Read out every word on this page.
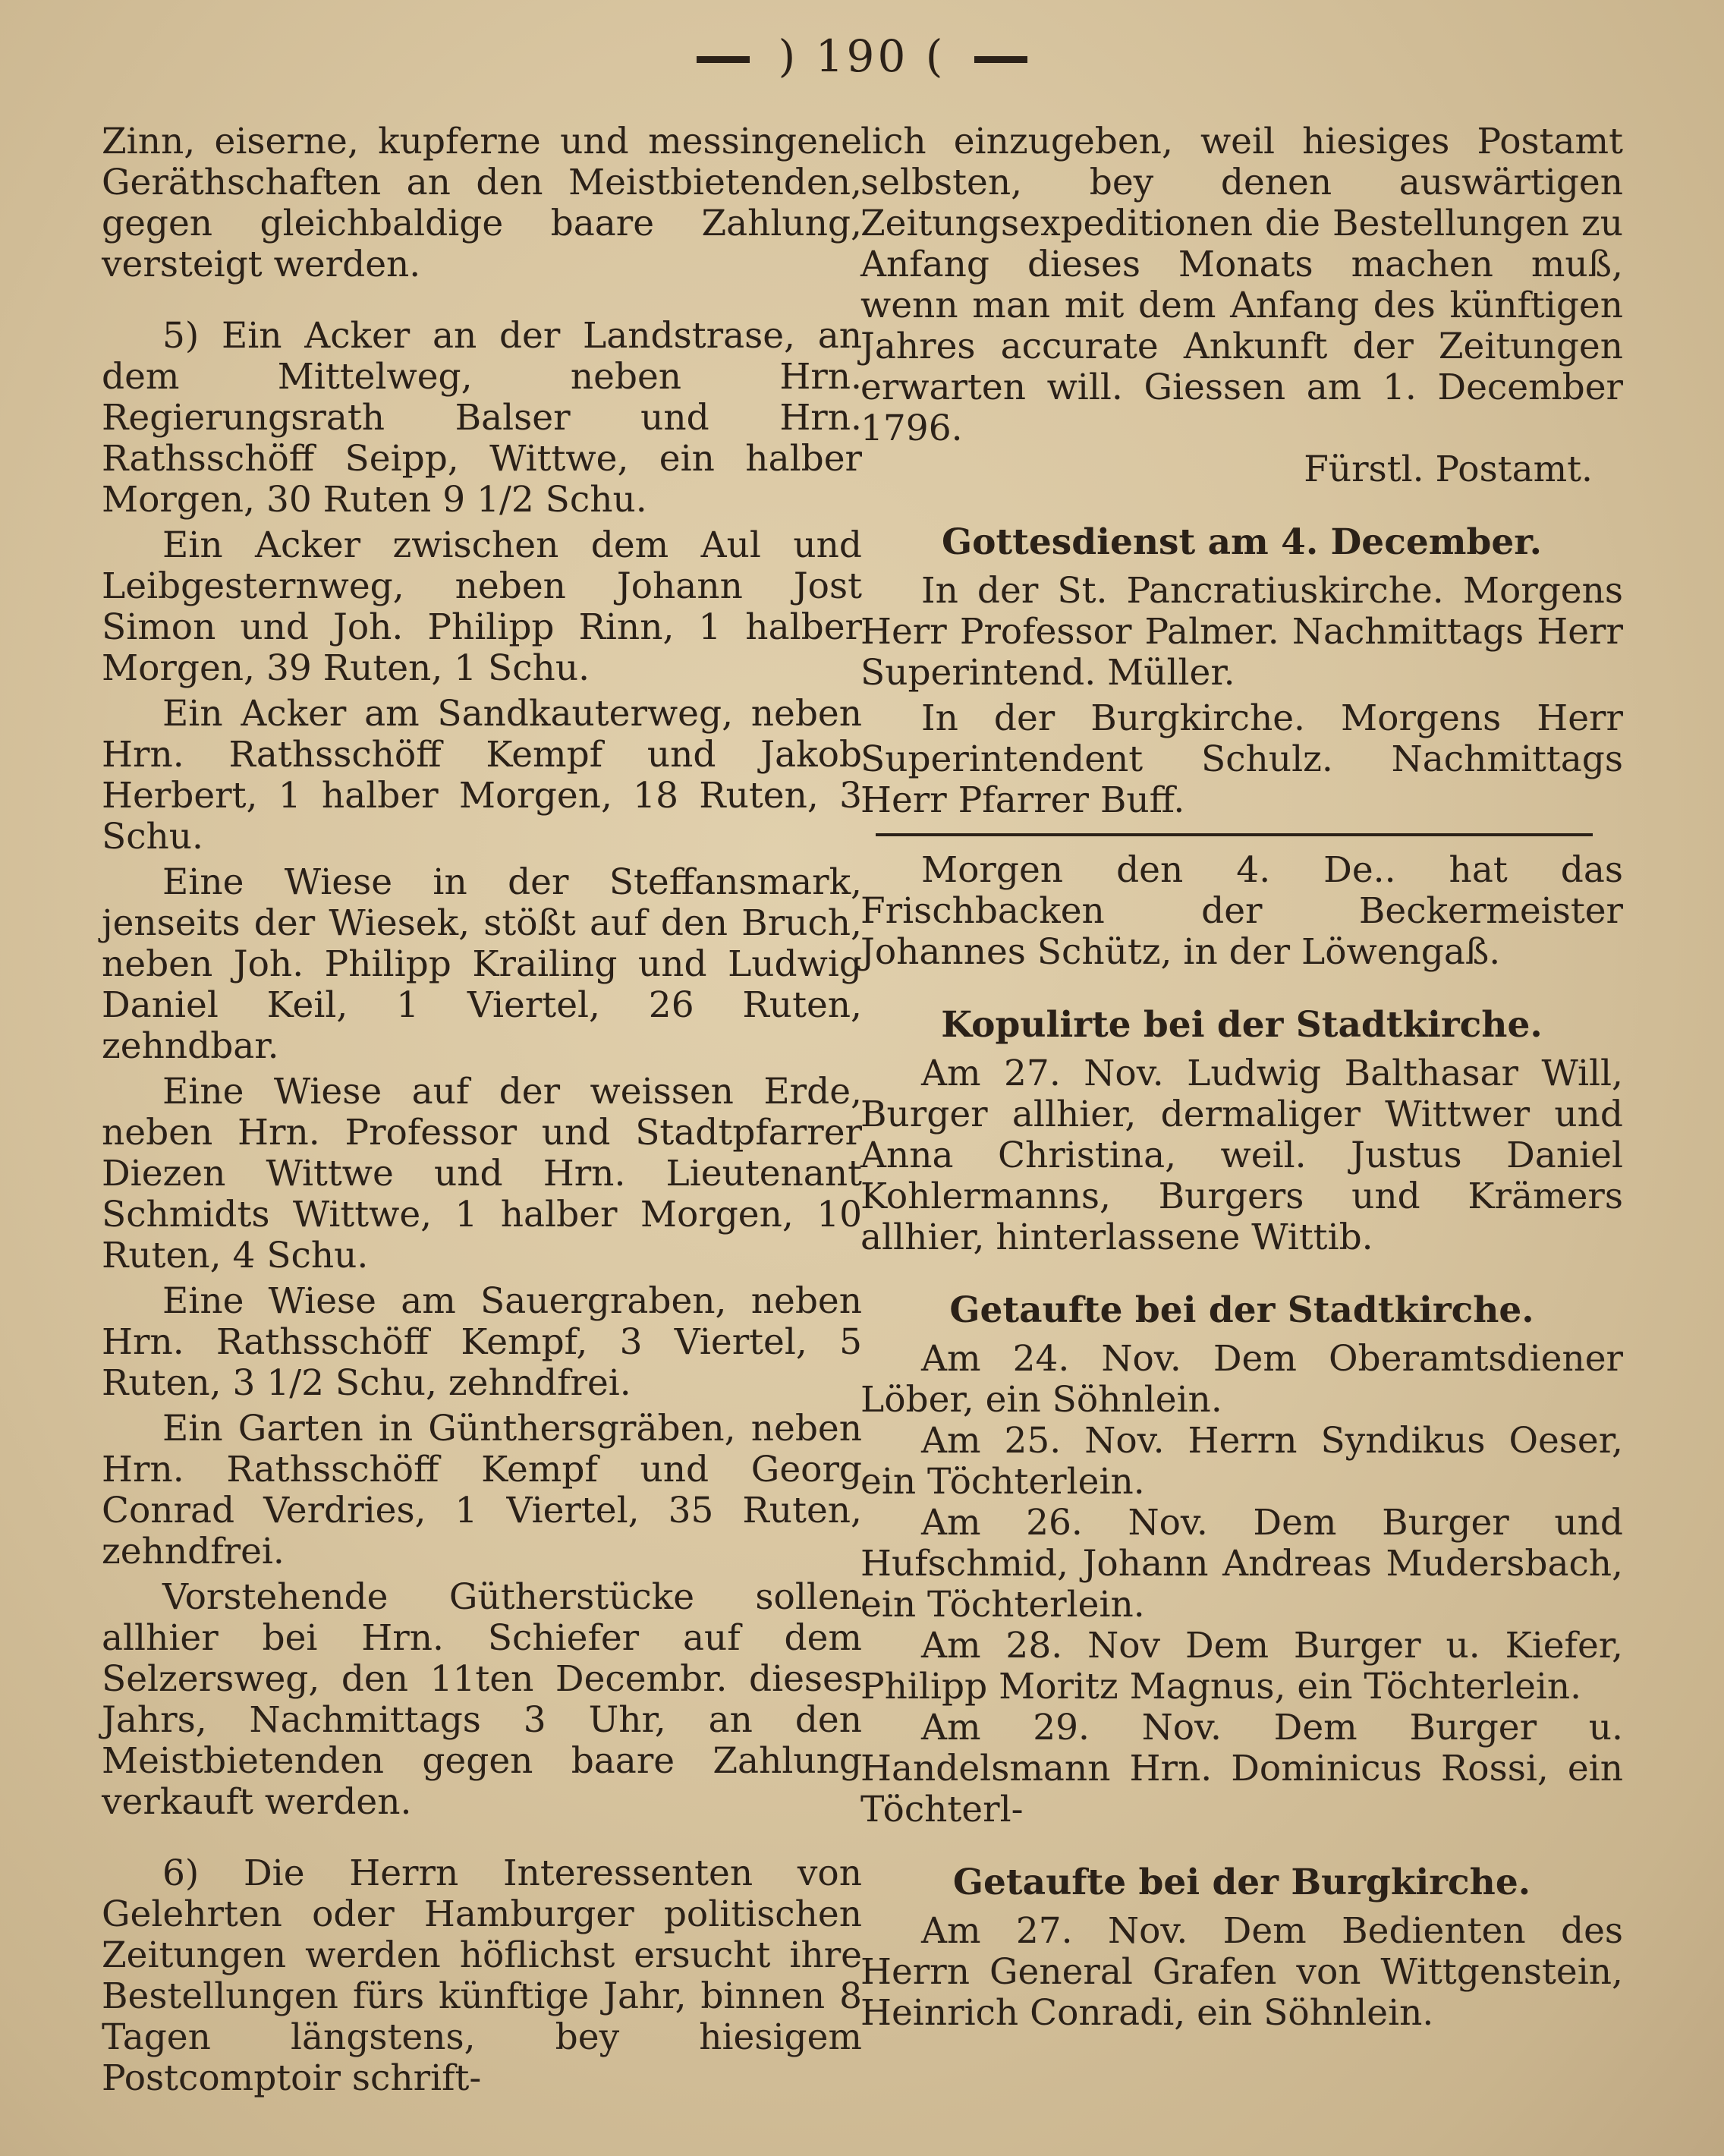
) 190 (

Zinn, eiserne, kupferne und messingene Geräthschaften an den Meistbietenden, gegen gleichbaldige baare Zahlung, versteigt werden.

5) Ein Acker an der Landstrase, an dem Mittelweg, neben Hrn. Regierungsrath Balser und Hrn. Rathsschöff Seipp, Wittwe, ein halber Morgen, 30 Ruten 9 1/2 Schu.

Ein Acker zwischen dem Aul und Leibgesternweg, neben Johann Jost Simon und Joh. Philipp Rinn, 1 halber Morgen, 39 Ruten, 1 Schu.

Ein Acker am Sandkauterweg, neben Hrn. Rathsschöff Kempf und Jakob Herbert, 1 halber Morgen, 18 Ruten, 3 Schu.

Eine Wiese in der Steffansmark, jenseits der Wiesek, stößt auf den Bruch, neben Joh. Philipp Krailing und Ludwig Daniel Keil, 1 Viertel, 26 Ruten, zehndbar.

Eine Wiese auf der weissen Erde, neben Hrn. Professor und Stadtpfarrer Diezen Wittwe und Hrn. Lieutenant Schmidts Wittwe, 1 halber Morgen, 10 Ruten, 4 Schu.

Eine Wiese am Sauergraben, neben Hrn. Rathsschöff Kempf, 3 Viertel, 5 Ruten, 3 1/2 Schu, zehndfrei.

Ein Garten in Günthersgräben, neben Hrn. Rathsschöff Kempf und Georg Conrad Verdries, 1 Viertel, 35 Ruten, zehndfrei.

Vorstehende Gütherstücke sollen allhier bei Hrn. Schiefer auf dem Selzersweg, den 11ten Decembr. dieses Jahrs, Nachmittags 3 Uhr, an den Meistbietenden gegen baare Zahlung verkauft werden.

6) Die Herrn Interessenten von Gelehrten oder Hamburger politischen Zeitungen werden höflichst ersucht ihre Bestellungen fürs künftige Jahr, binnen 8 Tagen längstens, bey hiesigem Postcomptoir schrift-

lich einzugeben, weil hiesiges Postamt selbsten, bey denen auswärtigen Zeitungsexpeditionen die Bestellungen zu Anfang dieses Monats machen muß, wenn man mit dem Anfang des künftigen Jahres accurate Ankunft der Zeitungen erwarten will. Giessen am 1. December 1796.

Fürstl. Postamt.

Gottesdienst am 4. December.

In der St. Pancratiuskirche. Morgens Herr Professor Palmer. Nachmittags Herr Superintend. Müller.

In der Burgkirche. Morgens Herr Superintendent Schulz. Nachmittags Herr Pfarrer Buff.

Morgen den 4. De.. hat das Frischbacken der Beckermeister Johannes Schütz, in der Löwengaß.

Kopulirte bei der Stadtkirche.

Am 27. Nov. Ludwig Balthasar Will, Burger allhier, dermaliger Wittwer und Anna Christina, weil. Justus Daniel Kohlermanns, Burgers und Krämers allhier, hinterlassene Wittib.

Getaufte bei der Stadtkirche.

Am 24. Nov. Dem Oberamtsdiener Löber, ein Söhnlein.

Am 25. Nov. Herrn Syndikus Oeser, ein Töchterlein.

Am 26. Nov. Dem Burger und Hufschmid, Johann Andreas Mudersbach, ein Töchterlein.

Am 28. Nov Dem Burger u. Kiefer, Philipp Moritz Magnus, ein Töchterlein.

Am 29. Nov. Dem Burger u. Handelsmann Hrn. Dominicus Rossi, ein Töchterl-

Getaufte bei der Burgkirche.

Am 27. Nov. Dem Bedienten des Herrn General Grafen von Wittgenstein, Heinrich Conradi, ein Söhnlein.
